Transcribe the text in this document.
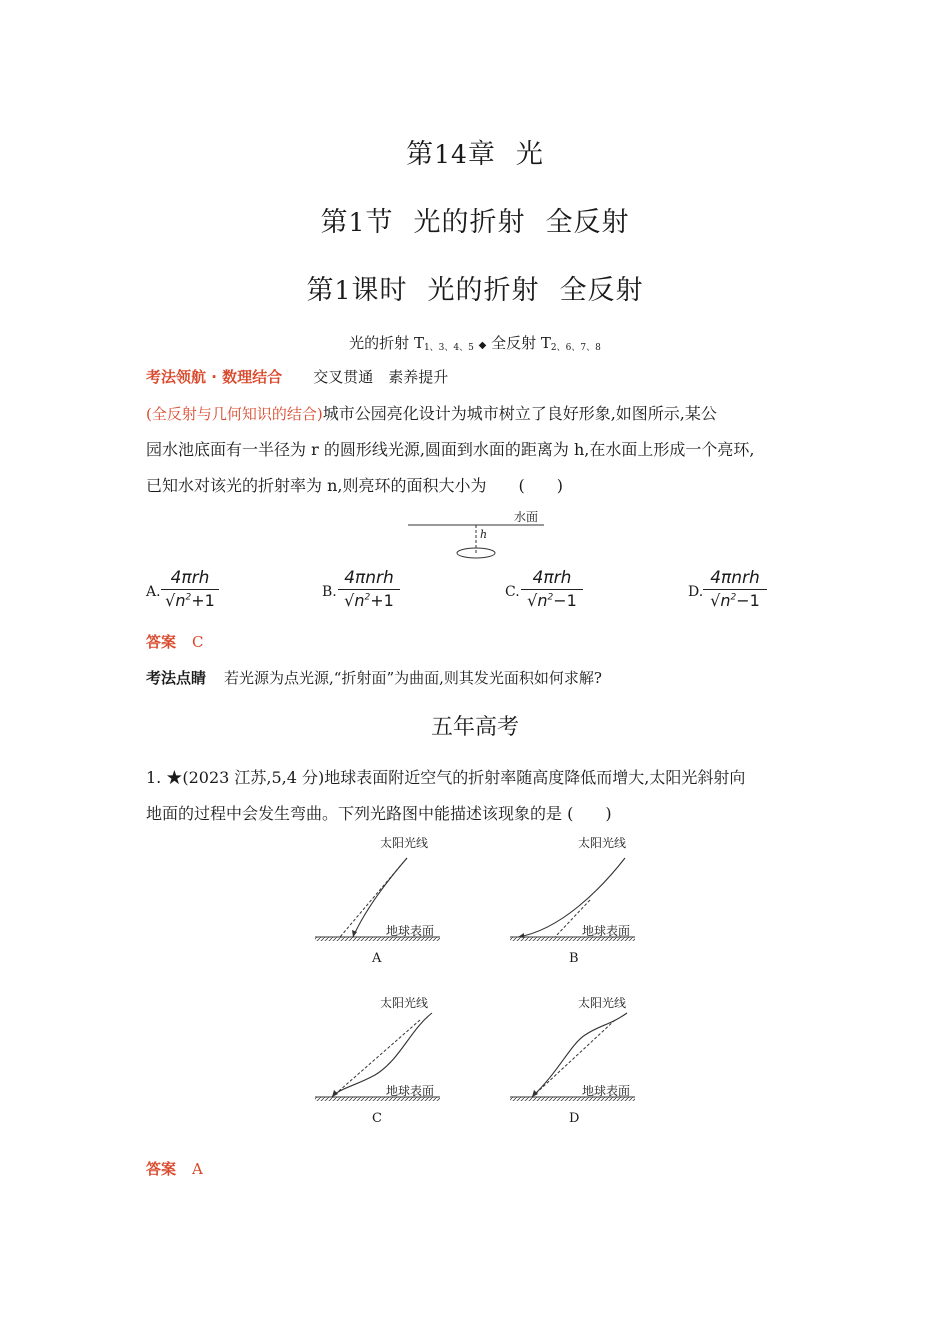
第14章 光
第1节 光的折射 全反射
第1课时 光的折射 全反射
光的折射 $T_{1、3、4、5}$ ◆ 全反射 $T_{2、6、7、8}$
考法领航 · 数理结合 交叉贯通　素养提升
(全反射与几何知识的结合)城市公园亮化设计为城市树立了良好形象,如图所示,某公
园水池底面有一半径为 r 的圆形线光源,圆面到水面的距离为 h,在水面上形成一个亮环,
已知水对该光的折射率为 n,则亮环的面积大小为　　(　　)
水面
h
A.
4πrh
$√n^2+1$	B.
4πnrh
$√n^2+1$	C.
4πrh
$√n^2-1$	D.
4πnrh
$√n^2-1$
答案 C
考法点睛 若光源为点光源,“折射面”为曲面,则其发光面积如何求解?
五年高考
1. ★(2023 江苏,5,4 分)地球表面附近空气的折射率随高度降低而增大,太阳光斜射向
地面的过程中会发生弯曲。下列光路图中能描述该现象的是 (　　)
太阳光线
地球表面
A
太阳光线
地球表面
B
太阳光线
地球表面
C
太阳光线
地球表面
D
答案 A
